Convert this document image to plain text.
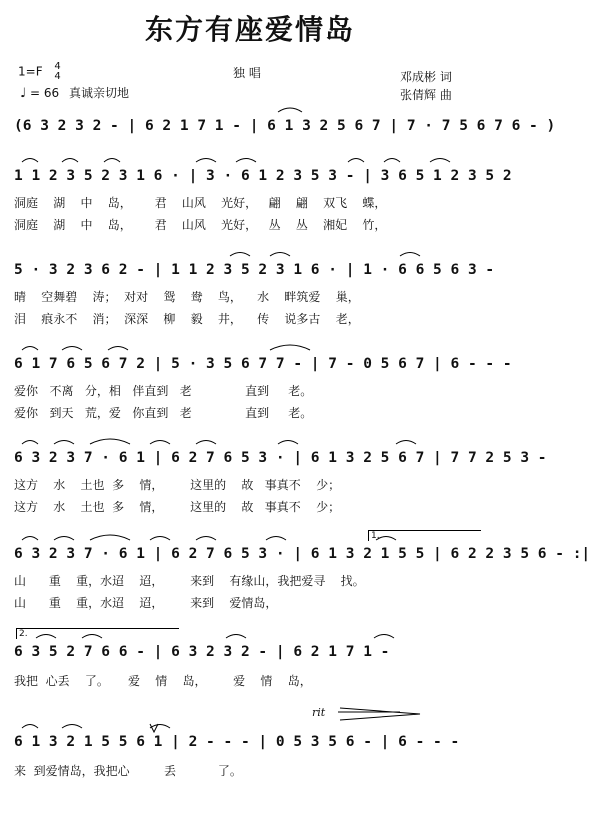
东方有座爱情岛
1=F 4
4
♩ = 66 真诚亲切地
独 唱	邓成彬 词
张倩辉 曲
(6 3 2 3 2 - | 6 2 1 7 1 - | 6 1 3 2 5 6 7 | 7 · 7 5 6 7 6 - )
1 1 2 3 5 2 3 1 6 · | 3 · 6 1 2 3 5 3 - | 3 6 5 1 2 3 5 2
洞庭    湖    中    岛，      君    山风    光好，   翩    翩    双飞    蝶，
洞庭    湖    中    岛，      君    山风    光好，   丛    丛    湘妃    竹，
5 · 3 2 3 6 2 - | 1 1 2 3 5 2 3 1 6 · | 1 · 6 6 5 6 3 -
晴    空舞碧    涛；  对对    鸳    鸯    鸟，    水    畔筑爱    巢，
泪    痕永不    消；  深深    柳    毅    井，    传    说多古    老，
6 1 7 6 5 6 7 2 | 5 · 3 5 6 7 7 - | 7 - 0 5 6 7 | 6 - - -
爱你   不离   分，相   伴直到   老              直到     老。
爱你   到天   荒，爱   你直到   老              直到     老。
6 3 2 3 7 · 6 1 | 6 2 7 6 5 3 · | 6 1 3 2 5 6 7 | 7 7 2 5 3 -
这方    水    土也  多    情，       这里的    故   事真不    少；
这方    水    土也  多    情，       这里的    故   事真不    少；
1.
6 3 2 3 7 · 6 1 | 6 2 7 6 5 3 · | 6 1 3 2 1 5 5 | 6 2 2 3 5 6 - :|
山      重    重，水迢    迢，       来到    有缘山，我把爱寻    找。
山      重    重，水迢    迢，       来到    爱情岛，
2.
6 3 5 2 7 6 6 - | 6 3 2 3 2 - | 6 2 1 7 1 -
我把  心丢    了。     爱    情    岛，       爱    情    岛，
rit
6 1 3 2 1 5 5 6 1 | 2 - - - | 0 5 3 5 6 - | 6 - - -
来  到爱情岛，我把心         丢           了。
